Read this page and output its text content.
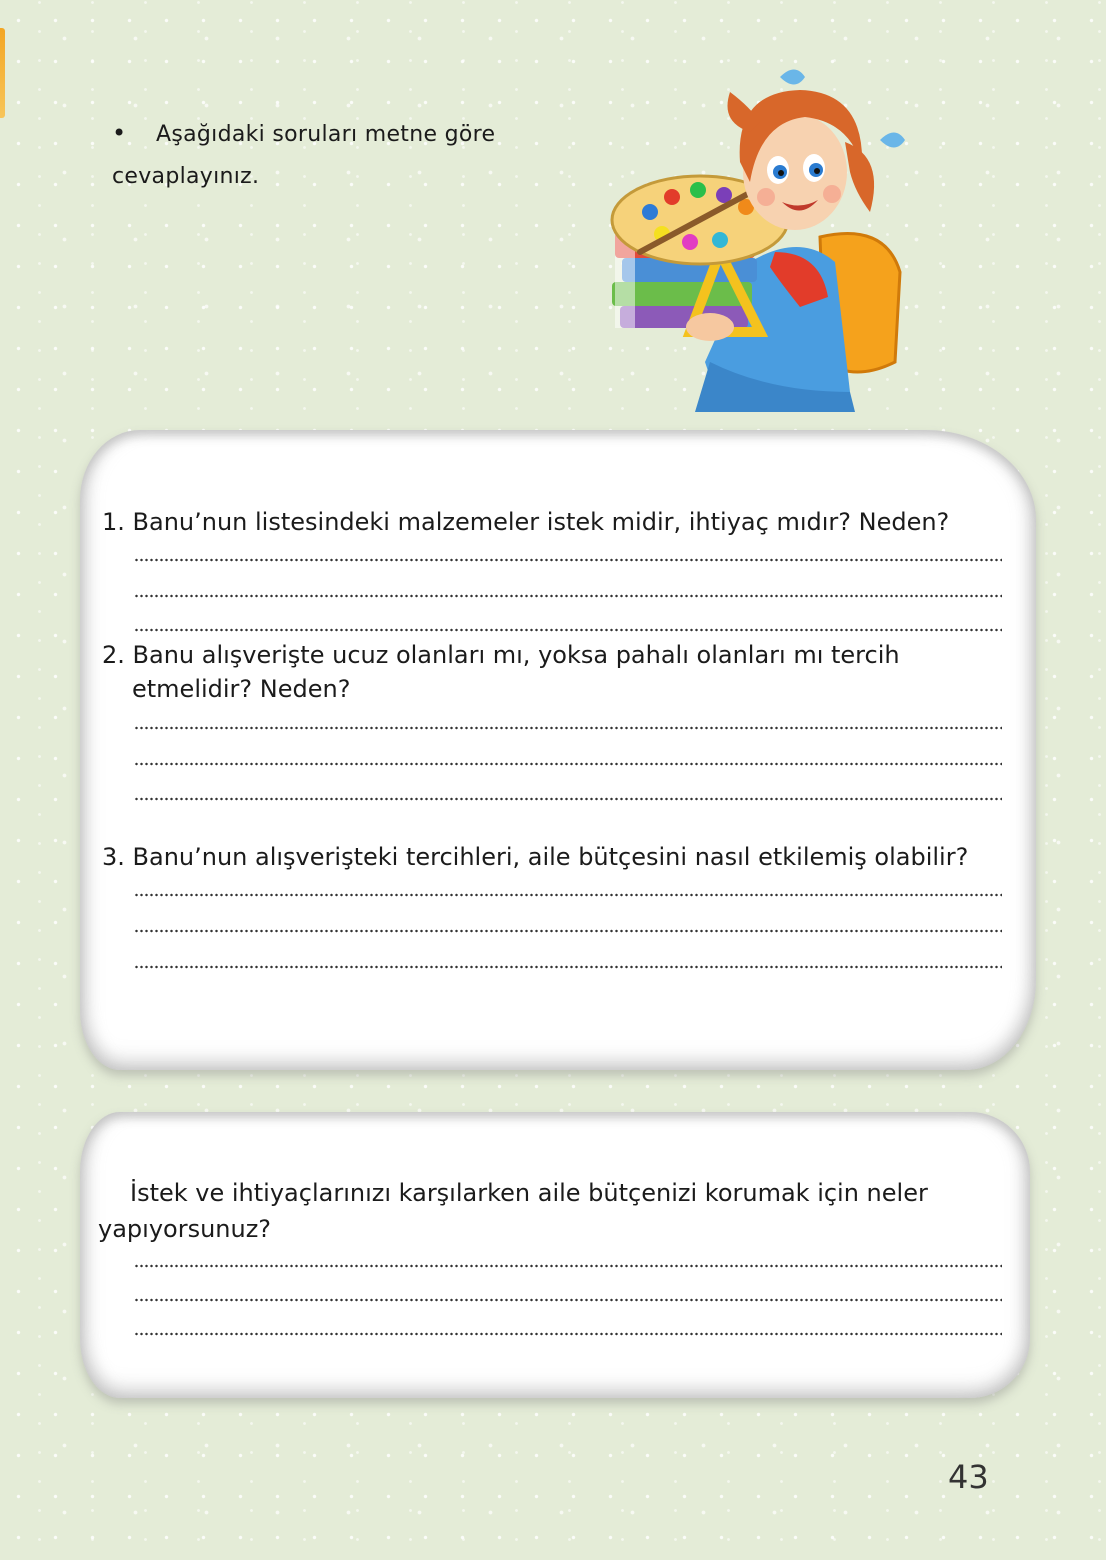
• Aşağıdaki soruları metne göre cevaplayınız.
1. Banu’nun listesindeki malzemeler istek midir, ihtiyaç mıdır? Neden?
2. Banu alışverişte ucuz olanları mı, yoksa pahalı olanları mı tercih
etmelidir? Neden?
3. Banu’nun alışverişteki tercihleri, aile bütçesini nasıl etkilemiş olabilir?
İstek ve ihtiyaçlarınızı karşılarken aile bütçenizi korumak için neler
yapıyorsunuz?
43
